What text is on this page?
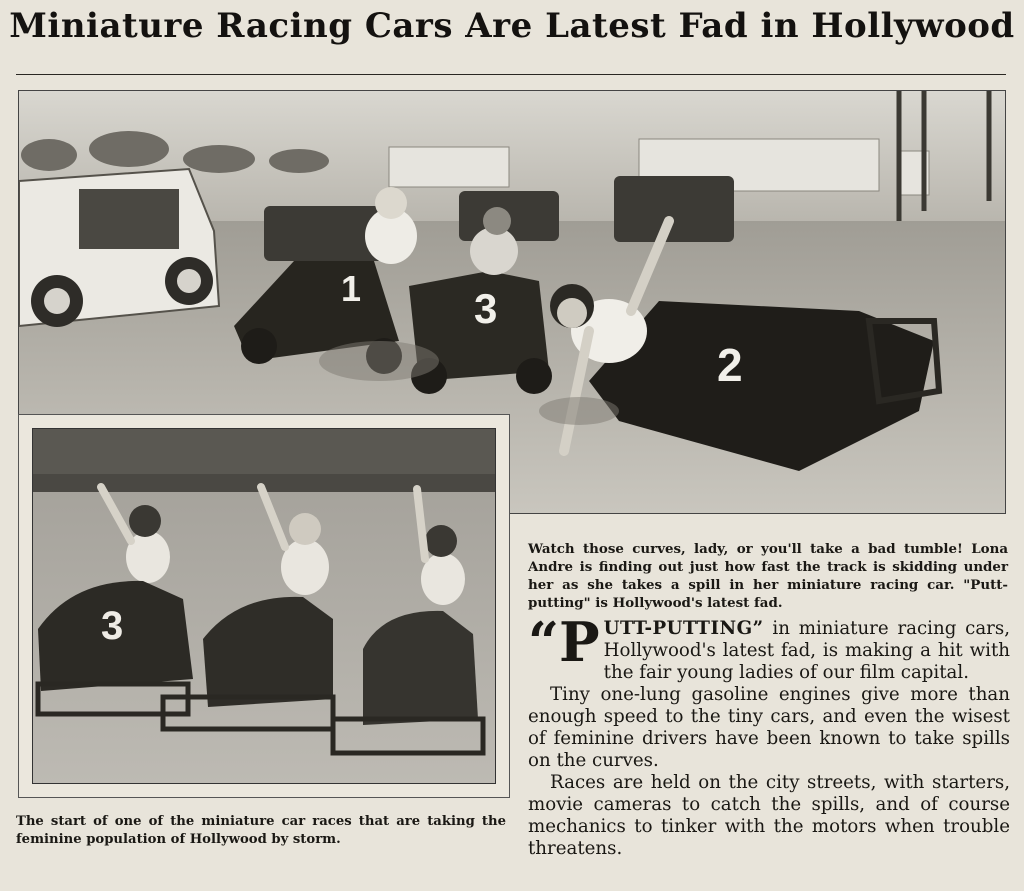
Miniature Racing Cars Are Latest Fad in Hollywood
1	3
2
3
Watch those curves, lady, or you'll take a bad tumble! Lona Andre is finding out just how fast the track is skidding under her as she takes a spill in her miniature racing car. "Putt-putting" is Hollywood's latest fad.
The start of one of the miniature car races that are taking the feminine population of Hollywood by storm.

“PUTT-PUTTING” in miniature racing cars, Hollywood's latest fad, is making a hit with the fair young ladies of our film capital.

Tiny one-lung gasoline engines give more than enough speed to the tiny cars, and even the wisest of feminine drivers have been known to take spills on the curves.

Races are held on the city streets, with starters, movie cameras to catch the spills, and of course mechanics to tinker with the motors when trouble threatens.
